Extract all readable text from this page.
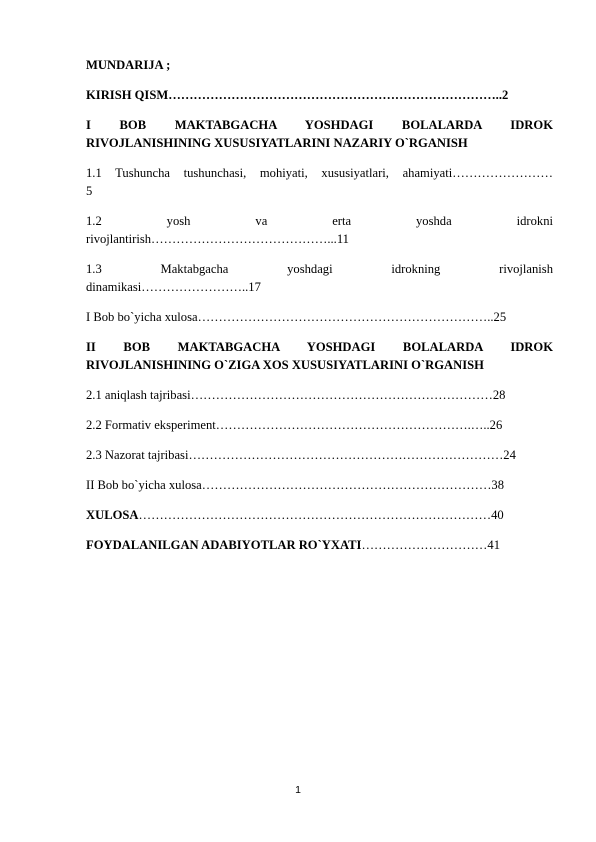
MUNDARIJA ;

KIRISH QISM……………………………………………………………………..2

I BOB MAKTABGACHA YOSHDAGI BOLALARDA IDROK

RIVOJLANISHINING XUSUSIYATLARINI NAZARIY O`RGANISH

1.1 Tushuncha tushunchasi, mohiyati, xususiyatlari, ahamiyati……………………

5

1.2 yosh va erta yoshda idrokni

rivojlantirish……………………………………...11

1.3 Maktabgacha yoshdagi idrokning rivojlanish

dinamikasi……………………..17

I Bob bo`yicha xulosa……………………………………………………………..25

II BOB MAKTABGACHA YOSHDAGI BOLALARDA IDROK

RIVOJLANISHINING O`ZIGA XOS XUSUSIYATLARINI O`RGANISH

2.1 aniqlash tajribasi………………………………………………………………28

2.2 Formativ eksperiment…………………………………………………….…..26

2.3 Nazorat tajribasi…………………………………………………………………24

II Bob bo`yicha xulosa……………………………………………………………38

XULOSA…………………………………………………………………………40

FOYDALANILGAN ADABIYOTLAR RO`YXATI…………………………41

1
